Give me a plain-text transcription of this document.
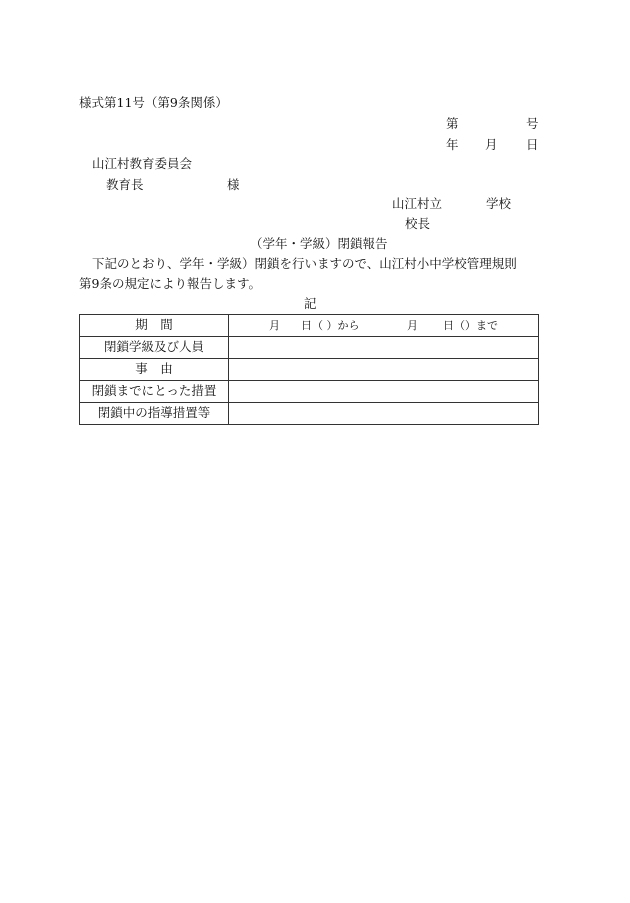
様式第11号（第9条関係）
第	号
年 月 日
山江村教育委員会
教育長	様
山江村立	学校
校長
（学年・学級）閉鎖報告
下記のとおり、学年・学級）閉鎖を行いますので、山江村小中学校管理規則
第9条の規定により報告します。
記
期　間	月 日（ ）から 月 日（）まで

閉鎖学級及び人員	
事　由	
閉鎖までにとった措置	
閉鎖中の指導措置等	
